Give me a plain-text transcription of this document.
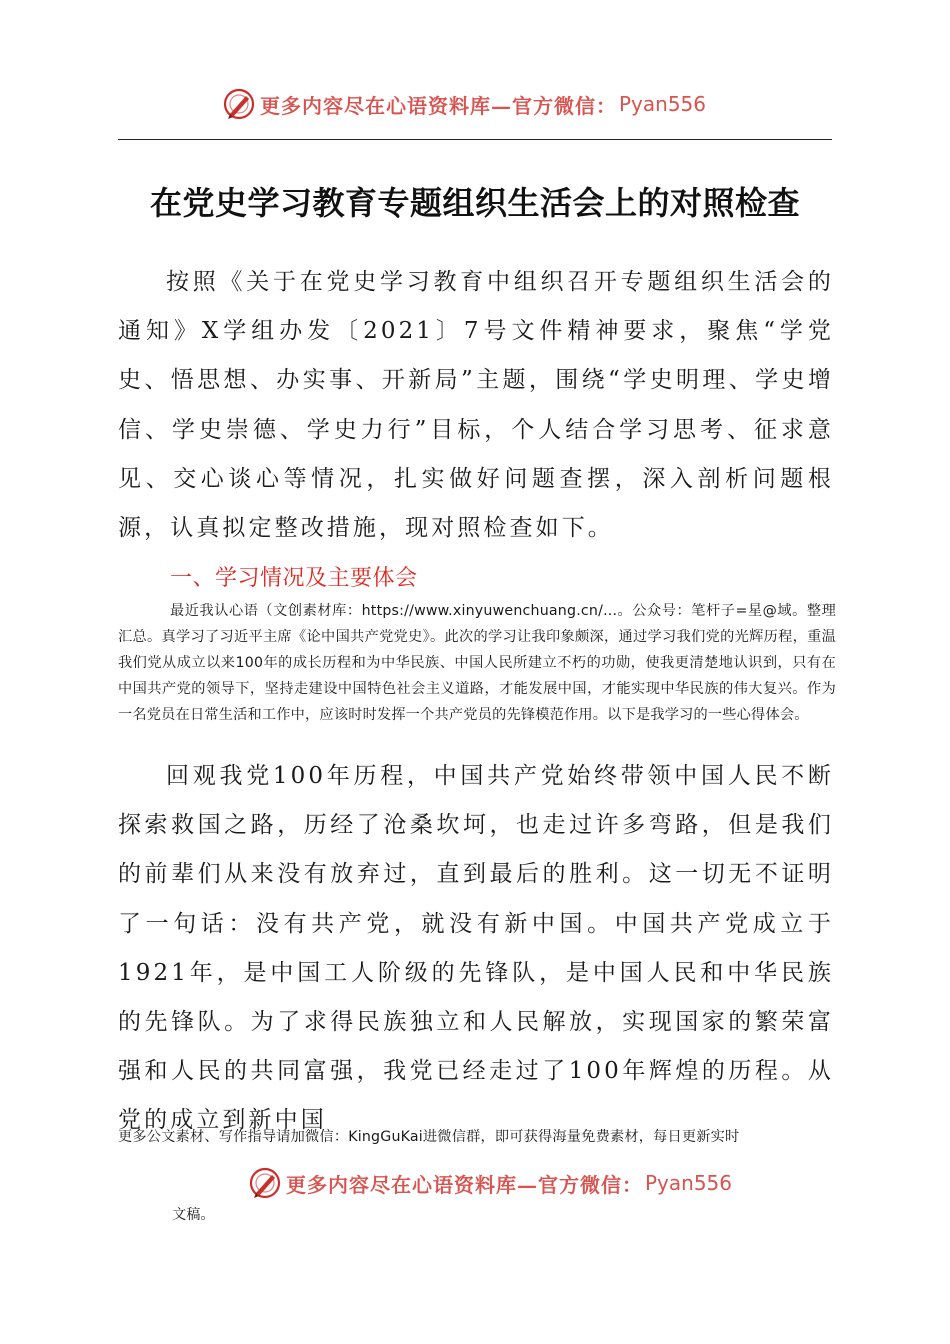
更多内容尽在心语资料库—官方微信： Pyan556
在党史学习教育专题组织生活会上的对照检查

按照《关于在党史学习教育中组织召开专题组织生活会的通知》X学组办发〔2021〕7号文件精神要求，聚焦“学党史、悟思想、办实事、开新局”主题，围绕“学史明理、学史增信、学史崇德、学史力行”目标，个人结合学习思考、征求意见、交心谈心等情况，扎实做好问题查摆，深入剖析问题根源，认真拟定整改措施，现对照检查如下。

一、学习情况及主要体会

最近我认心语（文创素材库：https://www.xinyuwenchuang.cn/...。公众号：笔杆子=星@域。整理汇总。真学习了习近平主席《论中国共产党党史》。此次的学习让我印象颇深，通过学习我们党的光辉历程，重温我们党从成立以来100年的成长历程和为中华民族、中国人民所建立不朽的功勋，使我更清楚地认识到，只有在中国共产党的领导下，坚持走建设中国特色社会主义道路，才能发展中国，才能实现中华民族的伟大复兴。作为一名党员在日常生活和工作中，应该时时发挥一个共产党员的先锋模范作用。以下是我学习的一些心得体会。

回观我党100年历程，中国共产党始终带领中国人民不断探索救国之路，历经了沧桑坎坷，也走过许多弯路，但是我们的前辈们从来没有放弃过，直到最后的胜利。这一切无不证明了一句话：没有共产党，就没有新中国。中国共产党成立于1921年，是中国工人阶级的先锋队，是中国人民和中华民族的先锋队。为了求得民族独立和人民解放，实现国家的繁荣富强和人民的共同富强，我党已经走过了100年辉煌的历程。从党的成立到新中国

更多公文素材、写作指导请加微信：KingGuKai进微信群，即可获得海量免费素材，每日更新实时
更多内容尽在心语资料库—官方微信： Pyan556
文稿。
